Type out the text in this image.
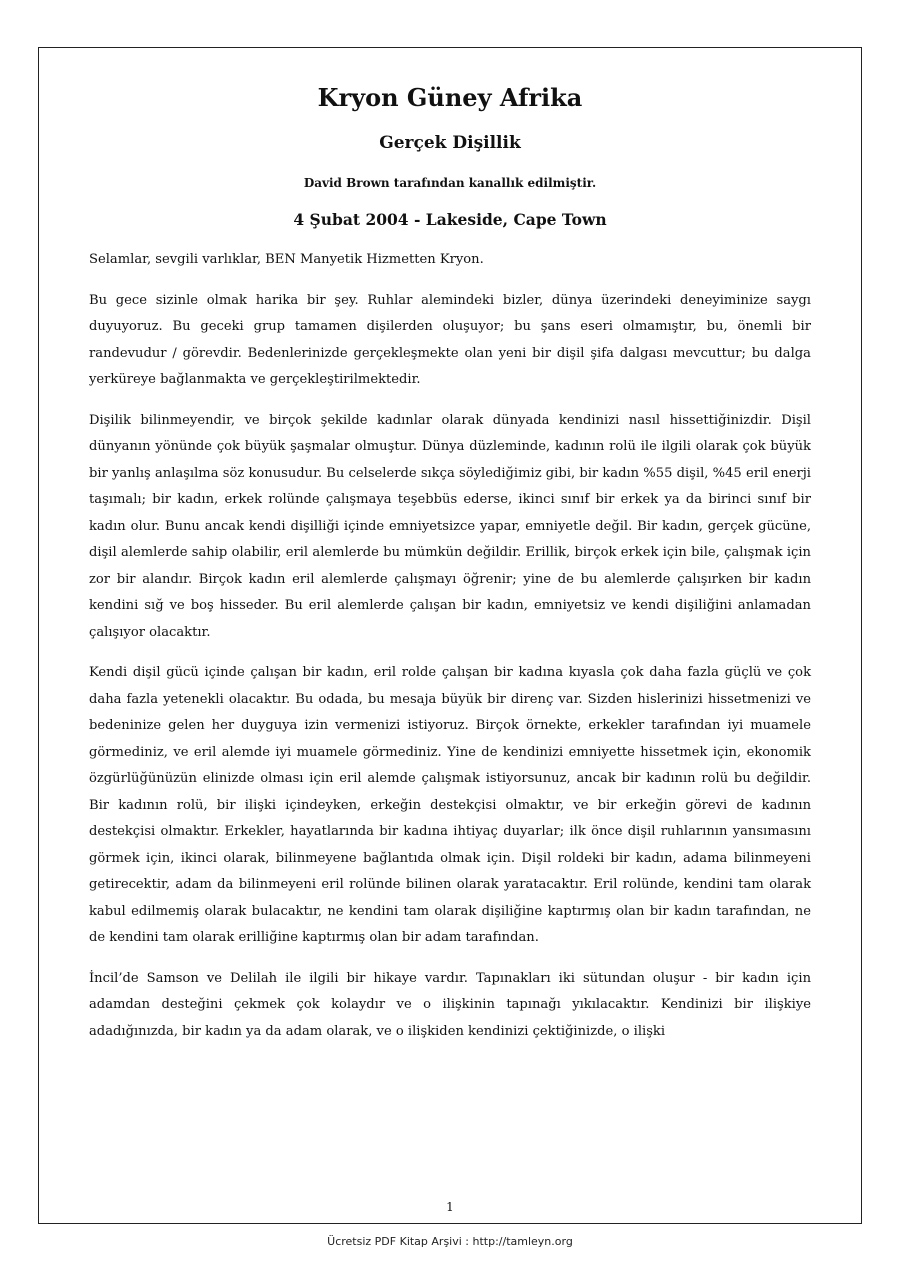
Kryon Güney Afrika
Gerçek Dişillik

David Brown tarafından kanallık edilmiştir.

4 Şubat 2004 - Lakeside, Cape Town

Selamlar, sevgili varlıklar, BEN Manyetik Hizmetten Kryon.

Bu gece sizinle olmak harika bir şey. Ruhlar alemindeki bizler, dünya üzerindeki deneyiminize saygı duyuyoruz. Bu geceki grup tamamen dişilerden oluşuyor; bu şans eseri olmamıştır, bu, önemli bir randevudur / görevdir. Bedenlerinizde gerçekleşmekte olan yeni bir dişil şifa dalgası mevcuttur; bu dalga yerküreye bağlanmakta ve gerçekleştirilmektedir.

Dişilik bilinmeyendir, ve birçok şekilde kadınlar olarak dünyada kendinizi nasıl hissettiğinizdir. Dişil dünyanın yönünde çok büyük şaşmalar olmuştur. Dünya düzleminde, kadının rolü ile ilgili olarak çok büyük bir yanlış anlaşılma söz konusudur. Bu celselerde sıkça söylediğimiz gibi, bir kadın %55 dişil, %45 eril enerji taşımalı; bir kadın, erkek rolünde çalışmaya teşebbüs ederse, ikinci sınıf bir erkek ya da birinci sınıf bir kadın olur. Bunu ancak kendi dişilliği içinde emniyetsizce yapar, emniyetle değil. Bir kadın, gerçek gücüne, dişil alemlerde sahip olabilir, eril alemlerde bu mümkün değildir. Erillik, birçok erkek için bile, çalışmak için zor bir alandır. Birçok kadın eril alemlerde çalışmayı öğrenir; yine de bu alemlerde çalışırken bir kadın kendini sığ ve boş hisseder. Bu eril alemlerde çalışan bir kadın, emniyetsiz ve kendi dişiliğini anlamadan çalışıyor olacaktır.

Kendi dişil gücü içinde çalışan bir kadın, eril rolde çalışan bir kadına kıyasla çok daha fazla güçlü ve çok daha fazla yetenekli olacaktır. Bu odada, bu mesaja büyük bir direnç var. Sizden hislerinizi hissetmenizi ve bedeninize gelen her duyguya izin vermenizi istiyoruz. Birçok örnekte, erkekler tarafından iyi muamele görmediniz, ve eril alemde iyi muamele görmediniz. Yine de kendinizi emniyette hissetmek için, ekonomik özgürlüğünüzün elinizde olması için eril alemde çalışmak istiyorsunuz, ancak bir kadının rolü bu değildir. Bir kadının rolü, bir ilişki içindeyken, erkeğin destekçisi olmaktır, ve bir erkeğin görevi de kadının destekçisi olmaktır. Erkekler, hayatlarında bir kadına ihtiyaç duyarlar; ilk önce dişil ruhlarının yansımasını görmek için, ikinci olarak, bilinmeyene bağlantıda olmak için. Dişil roldeki bir kadın, adama bilinmeyeni getirecektir, adam da bilinmeyeni eril rolünde bilinen olarak yaratacaktır. Eril rolünde, kendini tam olarak kabul edilmemiş olarak bulacaktır, ne kendini tam olarak dişiliğine kaptırmış olan bir kadın tarafından, ne de kendini tam olarak erilliğine kaptırmış olan bir adam tarafından.

İncil’de Samson ve Delilah ile ilgili bir hikaye vardır. Tapınakları iki sütundan oluşur - bir kadın için adamdan desteğini çekmek çok kolaydır ve o ilişkinin tapınağı yıkılacaktır. Kendinizi bir ilişkiye adadığınızda, bir kadın ya da adam olarak, ve o ilişkiden kendinizi çektiğinizde, o ilişki

1
Ücretsiz PDF Kitap Arşivi : http://tamleyn.org
